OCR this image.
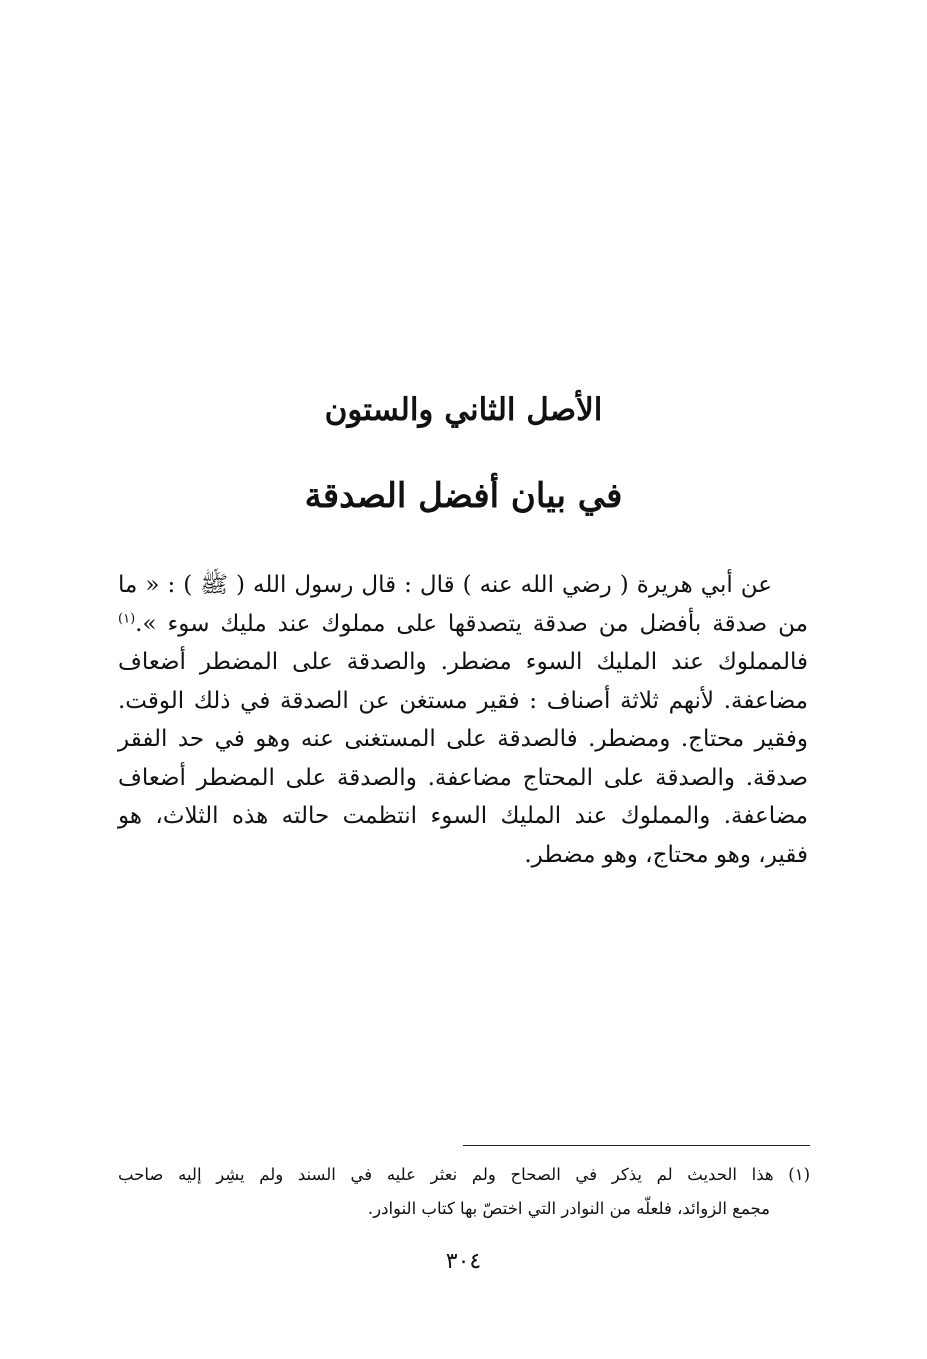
الأصل الثاني والستون
في بيان أفضل الصدقة
عن أبي هريرة ( رضي الله عنه ) قال : قال رسول الله ( ﷺ ) : « ما
من صدقة بأفضل من صدقة يتصدقها على مملوك عند مليك سوء ».$^{(١)}$
فالمملوك عند المليك السوء مضطر. والصدقة على المضطر أضعاف
مضاعفة. لأنهم ثلاثة أصناف : فقير مستغن عن الصدقة في ذلك الوقت.
وفقير محتاج. ومضطر. فالصدقة على المستغنى عنه وهو في حد الفقر
صدقة. والصدقة على المحتاج مضاعفة. والصدقة على المضطر أضعاف
مضاعفة. والمملوك عند المليك السوء انتظمت حالته هذه الثلاث، هو
فقير، وهو محتاج، وهو مضطر.
(١) هذا الحديث لم يذكر في الصحاح ولم نعثر عليه في السند ولم يشِر إليه صاحب
مجمع الزوائد، فلعلّه من النوادر التي اختصّ بها كتاب النوادر.
٣٠٤
